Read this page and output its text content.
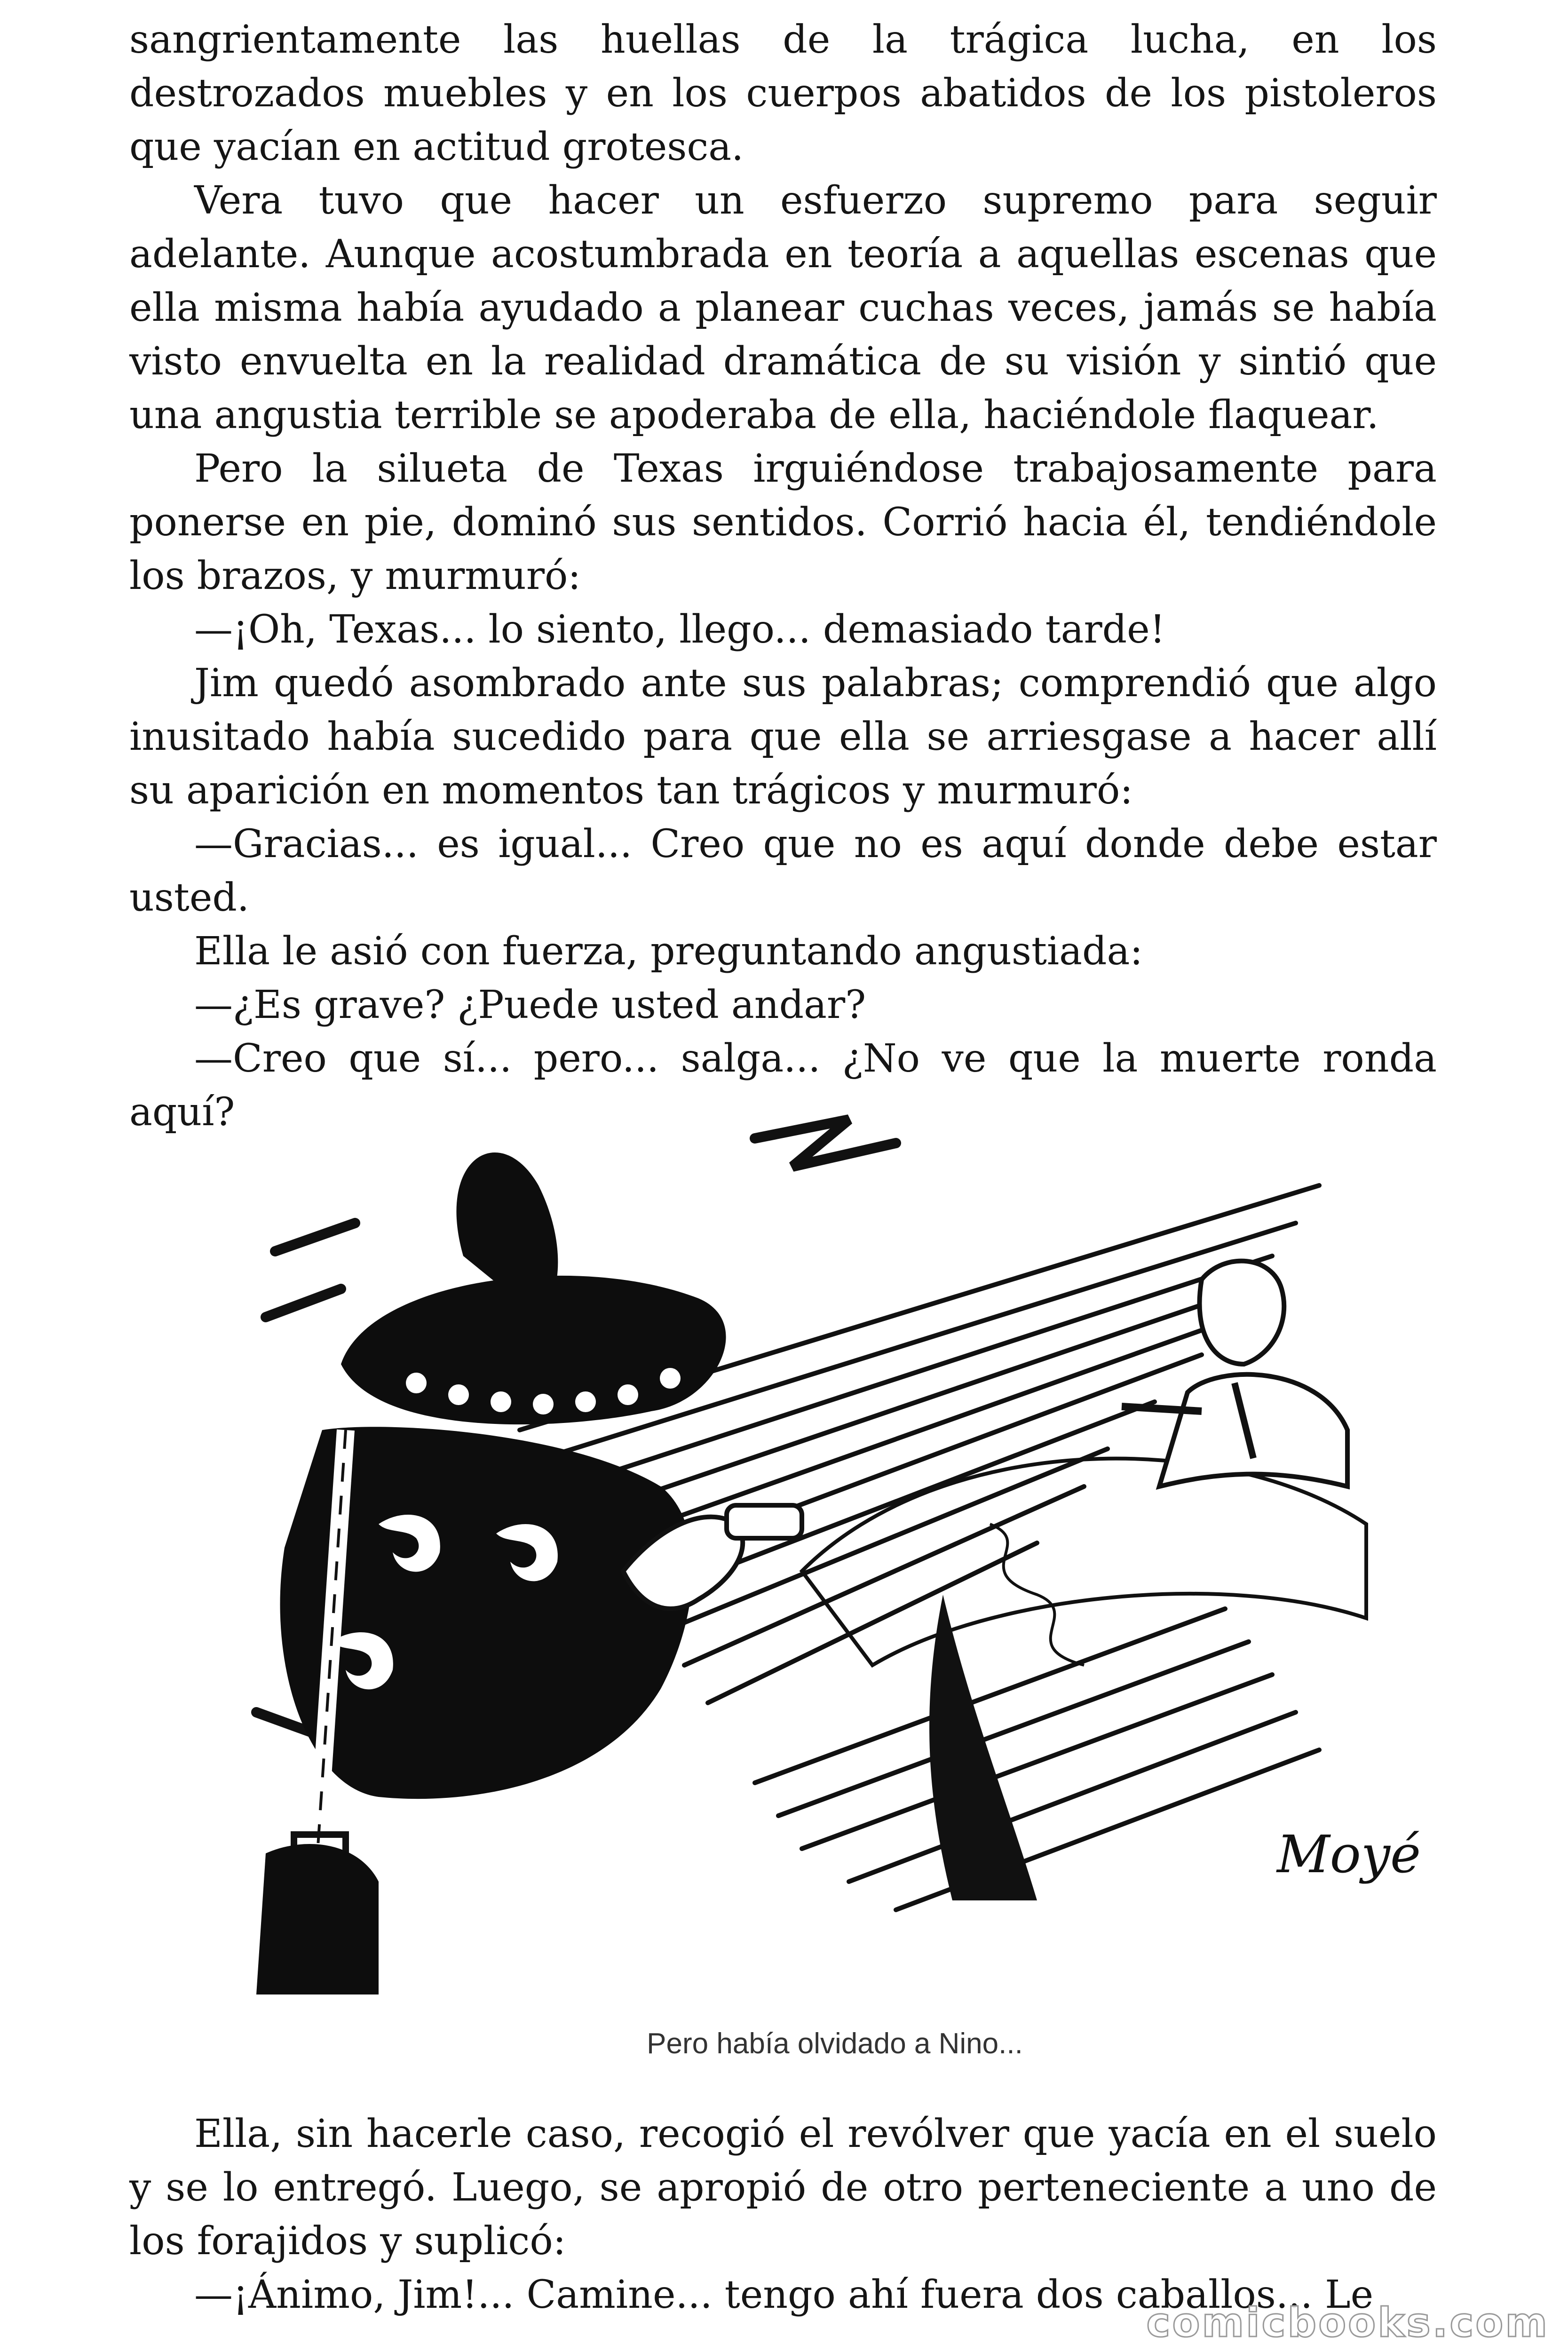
sangrientamente las huellas de la trágica lucha, en los destrozados muebles y en los cuerpos abatidos de los pistoleros que yacían en actitud grotesca.

Vera tuvo que hacer un esfuerzo supremo para seguir adelante. Aunque acostumbrada en teoría a aquellas escenas que ella misma había ayudado a planear cuchas veces, jamás se había visto envuelta en la realidad dramática de su visión y sintió que una angustia terrible se apoderaba de ella, haciéndole flaquear.

Pero la silueta de Texas irguiéndose trabajosamente para ponerse en pie, dominó sus sentidos. Corrió hacia él, tendiéndole los brazos, y murmuró:

—¡Oh, Texas... lo siento, llego... demasiado tarde!

Jim quedó asombrado ante sus palabras; comprendió que algo inusitado había sucedido para que ella se arriesgase a hacer allí su aparición en momentos tan trágicos y murmuró:

—Gracias... es igual... Creo que no es aquí donde debe estar usted.

Ella le asió con fuerza, preguntando angustiada:

—¿Es grave? ¿Puede usted andar?

—Creo que sí... pero... salga... ¿No ve que la muerte ronda aquí?

Moyé
Pero había olvidado a Nino...

Ella, sin hacerle caso, recogió el revólver que yacía en el suelo y se lo entregó. Luego, se apropió de otro perteneciente a uno de los forajidos y suplicó:

—¡Ánimo, Jim!... Camine... tengo ahí fuera dos caballos... Le

comicbooks.com
